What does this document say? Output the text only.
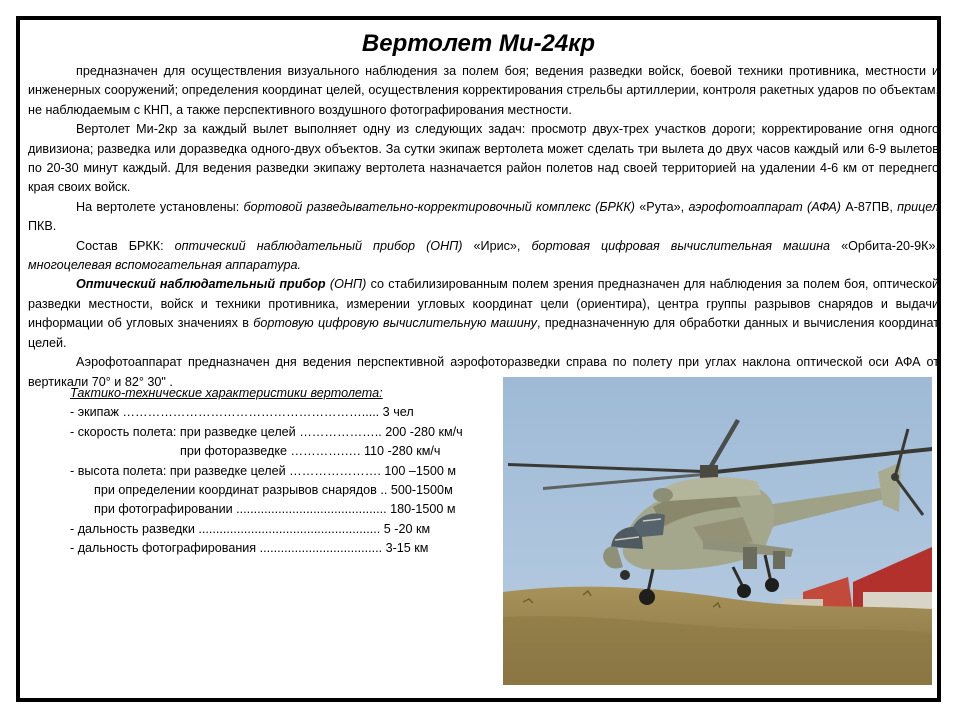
Вертолет Ми-24кр

предназначен для осуществления визуального наблюдения за полем боя; ведения разведки войск, боевой техники противника, местности и инженерных сооружений; определения координат целей, осуществления корректирования стрельбы артиллерии, контроля ракетных ударов по объектам, не наблюдаемым с КНП, а также перспективного воздушного фотографирования местности.

Вертолет Ми-2кр за каждый вылет выполняет одну из следующих задач: просмотр двух-трех участков дороги; корректирование огня одного дивизиона; разведка или доразведка одного-двух объектов. За сутки экипаж вертолета может сделать три вылета до двух часов каждый или 6-9 вылетов по 20-30 минут каждый. Для ведения разведки экипажу вертолета назначается район полетов над своей территорией на удалении 4-6 км от переднего края своих войск.

На вертолете установлены: бортовой разведывательно-корректировочный комплекс (БРКК) «Рута», аэрофотоаппарат (АФА) А-87ПВ, прицел ПКВ.

Состав БРКК: оптический наблюдательный прибор (ОНП) «Ирис», бортовая цифровая вычислительная машина «Орбита-20-9К», многоцелевая вспомогательная аппаратура.

Оптический наблюдательный прибор (ОНП) со стабилизированным полем зрения предназначен для наблюдения за полем боя, оптической разведки местности, войск и техники противника, измерении угловых координат цели (ориентира), центра группы разрывов снарядов и выдачи информации об угловых значениях в бортовую цифровую вычислительную машину, предназначенную для обработки данных и вычисления координат целей.

Аэрофотоаппарат предназначен дня ведения перспективной аэрофоторазведки справа по полету при углах наклона оптической оси АФА от вертикали 70° и 82° 30" .

Тактико-технические характеристики вертолета:
- экипаж …………………………………………………..... 3 чел
- скорость полета: при разведке целей ……………….. 200 -280 км/ч
при фоторазведке ………….…. 110 -280 км/ч
- высота полета: при разведке целей …………………. 100 –1500 м
при определении координат разрывов снарядов .. 500-1500м
при фотографировании ........................................... 180-1500 м
- дальность разведки .................................................... 5 -20 км
- дальность фотографирования ................................... 3-15 км
